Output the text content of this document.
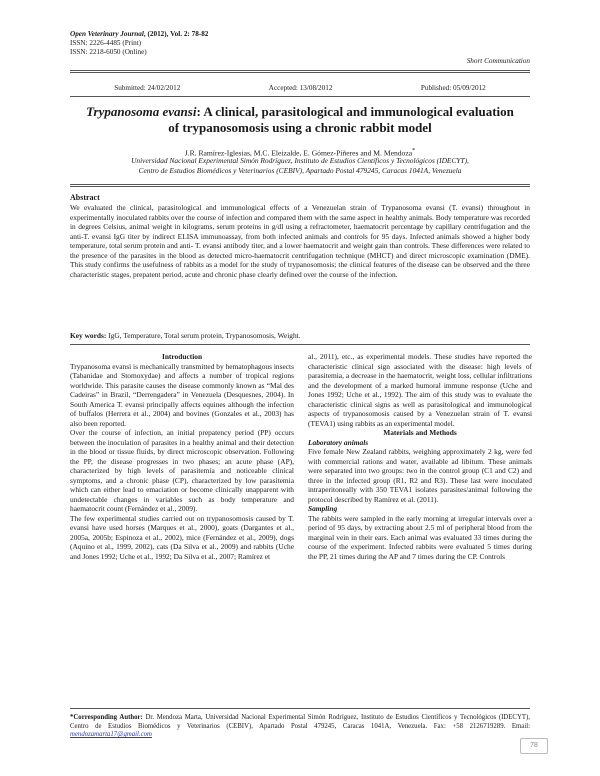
Open Veterinary Journal, (2012), Vol. 2: 78-82
ISSN: 2226-4485 (Print)
ISSN: 2218-6050 (Online)
Short Communication
Submitted: 24/02/2012	Accepted: 13/08/2012	Published: 05/09/2012
Trypanosoma evansi: A clinical, parasitological and immunological evaluation
of trypanosomosis using a chronic rabbit model
J.R. Ramírez-Iglesias, M.C. Eleizalde, E. Gómez-Piñeres and M. Mendoza*
Universidad Nacional Experimental Simón Rodríguez, Instituto de Estudios Científicos y Tecnológicos (IDECYT),
Centro de Estudios Biomédicos y Veterinarios (CEBIV), Apartado Postal 479245, Caracas 1041A, Venezuela
Abstract
We evaluated the clinical, parasitological and immunological effects of a Venezuelan strain of Trypanosoma evansi (T. evansi) throughout in experimentally inoculated rabbits over the course of infection and compared them with the same aspect in healthy animals. Body temperature was recorded in degrees Celsius, animal weight in kilograms, serum proteins in g/dl using a refractometer, haematocrit percentage by capillary centrifugation and the anti-T. evansi IgG titer by indirect ELISA immunoassay, from both infected animals and controls for 95 days. Infected animals showed a higher body temperature, total serum protein and anti- T. evansi antibody titer, and a lower haematocrit and weight gain than controls. These differences were related to the presence of the parasites in the blood as detected micro-haematocrit centrifugation technique (MHCT) and direct microscopic examination (DME). This study confirms the usefulness of rabbits as a model for the study of trypanosomosis; the clinical features of the disease can be observed and the three characteristic stages, prepatent period, acute and chronic phase clearly defined over the course of the infection.
Key words: IgG, Temperature, Total serum protein, Trypanosomosis, Weight.

Introduction

Trypanosoma evansi is mechanically transmitted by hematophagous insects (Tabanidae and Stomoxydae) and affects a number of tropical regions worldwide. This parasite causes the disease commonly known as “Mal des Cadeiras” in Brazil, “Derrengadera” in Venezuela (Desquesnes, 2004). In South America T. evansi principally affects equines although the infection of buffalos (Herrera et al., 2004) and bovines (Gonzales et al., 2003) has also been reported.

Over the course of infection, an initial prepatency period (PP) occurs between the inoculation of parasites in a healthy animal and their detection in the blood or tissue fluids, by direct microscopic observation. Following the PP, the disease progresses in two phases; an acute phase (AP), characterized by high levels of parasitemia and noticeable clinical symptoms, and a chronic phase (CP), characterized by low parasitemia which can either lead to emaciation or become clinically unapparent with undetectable changes in variables such as body temperature and haematocrit count (Fernández et al., 2009).

The few experimental studies carried out on trypanosomosis caused by T. evansi have used horses (Marques et al., 2000), goats (Dargantes et al., 2005a, 2005b; Espinoza et al., 2002), mice (Fernández et al., 2009), dogs (Aquino et al., 1999, 2002), cats (Da Silva et al., 2009) and rabbits (Uche and Jones 1992; Uche et al., 1992; Da Silva et al., 2007; Ramírez et

al., 2011), etc., as experimental models. These studies have reported the characteristic clinical sign associated with the disease: high levels of parasitemia, a decrease in the haematocrit, weight loss, cellular infiltrations and the development of a marked humoral immune response (Uche and Jones 1992; Uche et al., 1992). The aim of this study was to evaluate the characteristic clinical signs as well as parasitological and immunological aspects of trypanosomosis caused by a Venezuelan strain of T. evansi (TEVA1) using rabbits as an experimental model.

Materials and Methods

Laboratory animals

Five female New Zealand rabbits, weighing approximately 2 kg, were fed with commercial rations and water, available ad libitum. These animals were separated into two groups: two in the control group (C1 and C2) and three in the infected group (R1, R2 and R3). These last were inoculated intraperitoneally with 350 TEVA1 isolates parasites/animal following the protocol described by Ramírez et al. (2011).

Sampling

The rabbits were sampled in the early morning at irregular intervals over a period of 95 days, by extracting about 2.5 ml of peripheral blood from the marginal vein in their ears. Each animal was evaluated 33 times during the course of the experiment. Infected rabbits were evaluated 5 times during the PP, 21 times during the AP and 7 times during the CP. Controls

*Corresponding Author: Dr. Mendoza Marta, Universidad Nacional Experimental Simón Rodríguez, Instituto de Estudios Científicos y Tecnológicos (IDECYT), Centro de Estudios Biomédicos y Veterinarios (CEBIV), Apartado Postal 479245, Caracas 1041A, Venezuela. Fax: +58 2126719289. Email: mendozamarta17@gmail.com
78
